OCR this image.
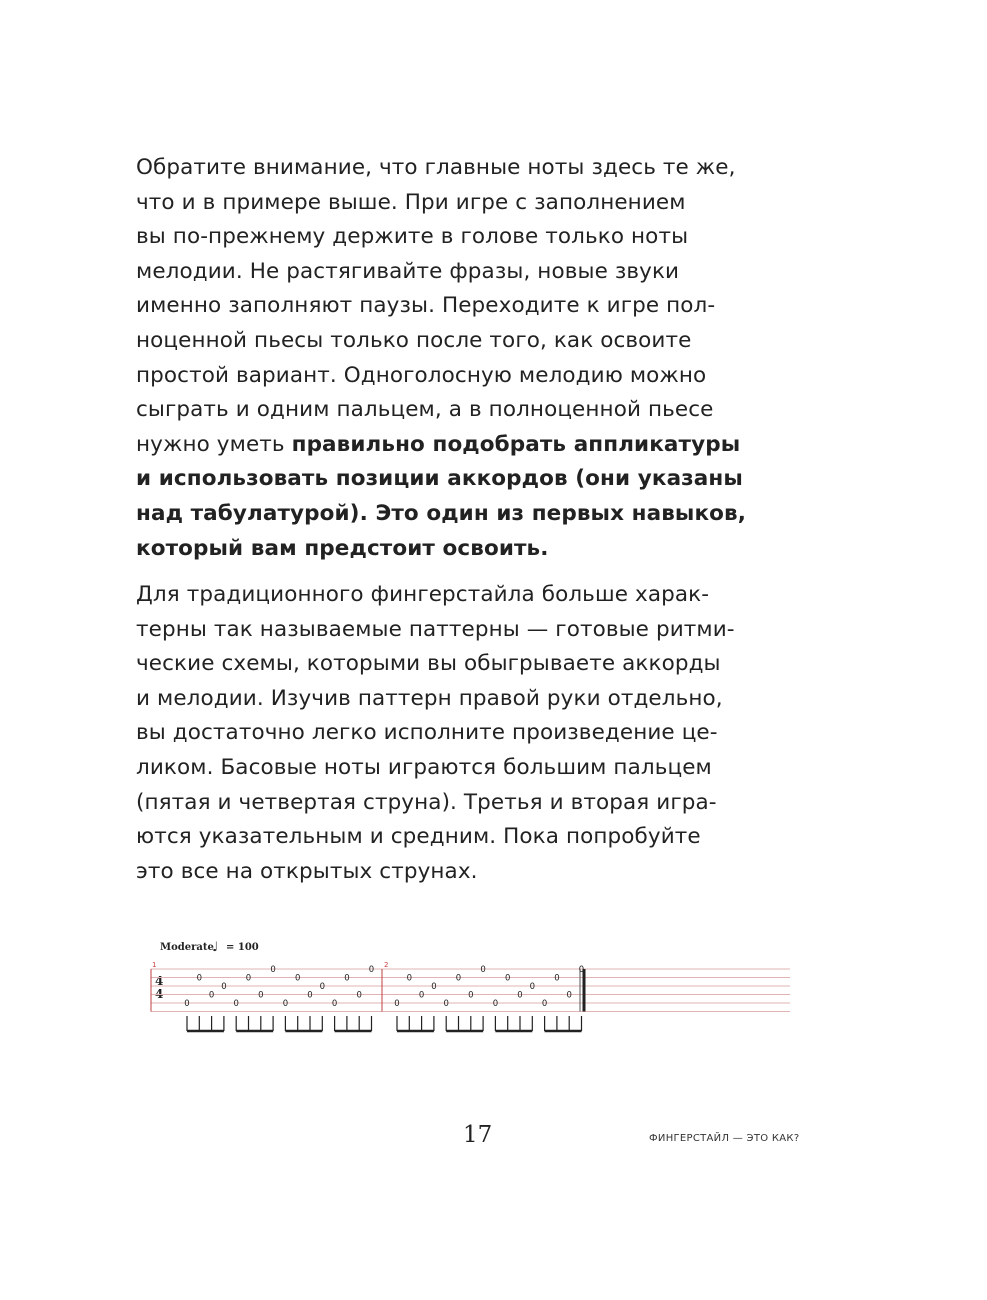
Обратите внимание, что главные ноты здесь те же,
что и в примере выше. При игре с заполнением
вы по-прежнему держите в голове только ноты
мелодии. Не растягивайте фразы, новые звуки
именно заполняют паузы. Переходите к игре пол-
ноценной пьесы только после того, как освоите
простой вариант. Одноголосную мелодию можно
сыграть и одним пальцем, а в полноценной пьесе
нужно уметь правильно подобрать аппликатуры
и использовать позиции аккордов (они указаны
над табулатурой). Это один из первых навыков,
который вам предстоит освоить.
Для традиционного фингерстайла больше харак-
терны так называемые паттерны — готовые ритми-
ческие схемы, которыми вы обыгрываете аккорды
и мелодии. Изучив паттерн правой руки отдельно,
вы достаточно легко исполните произведение це-
ликом. Басовые ноты играются большим пальцем
(пятая и четвертая струна). Третья и вторая игра-
ются указательным и средним. Пока попробуйте
это все на открытых струнах.
Moderate
♩ = 100
1	2
4
4
0
0
0
0
0
0
0
0
0
0
0
0
0
0
0
0
0
0
0
0
0
0
0
0
0
0
0
0
0
0
0
0
17	ФИНГЕРСТАЙЛ — ЭТО КАК?
